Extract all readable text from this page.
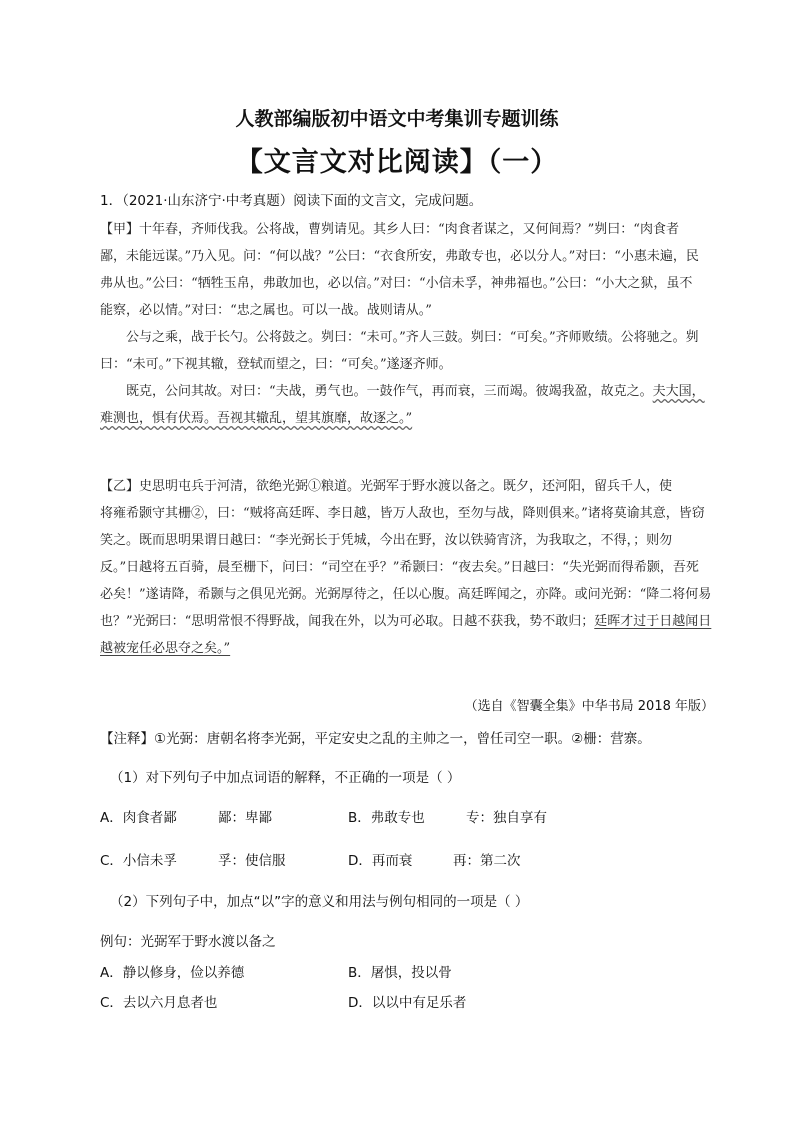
人教部编版初中语文中考集训专题训练
【文言文对比阅读】（一）
1．（2021·山东济宁·中考真题）阅读下面的文言文，完成问题。
【甲】十年春，齐师伐我。公将战，曹刿请见。其乡人曰：“肉食者谋之，又何间焉？”刿曰：“肉食者
鄙，未能远谋。”乃入见。问：“何以战？”公曰：“衣食所安，弗敢专也，必以分人。”对曰：“小惠未遍，民
弗从也。”公曰：“牺牲玉帛，弗敢加也，必以信。”对曰：“小信未孚，神弗福也。”公曰：“小大之狱，虽不
能察，必以情。”对曰：“忠之属也。可以一战。战则请从。”
公与之乘，战于长勺。公将鼓之。刿曰：“未可。”齐人三鼓。刿曰：“可矣。”齐师败绩。公将驰之。刿
曰：“未可。”下视其辙，登轼而望之，曰：“可矣。”遂逐齐师。
既克，公问其故。对曰：“夫战，勇气也。一鼓作气，再而衰，三而竭。彼竭我盈，故克之。夫大国，
难测也，惧有伏焉。吾视其辙乱，望其旗靡，故逐之。”
【乙】史思明屯兵于河清，欲绝光弼①粮道。光弼军于野水渡以备之。既夕，还河阳，留兵千人，使
将雍希颢守其栅②，曰：“贼将高廷晖、李日越，皆万人敌也，至勿与战，降则俱来。”诸将莫谕其意，皆窃
笑之。既而思明果谓日越曰：“李光弼长于凭城，今出在野，汝以铁骑宵济，为我取之，不得，；则勿
反。”日越将五百骑，晨至栅下，问曰：“司空在乎？”希颢曰：“夜去矣。”日越曰：“失光弼而得希颢，吾死
必矣！”遂请降，希颢与之俱见光弼。光弼厚待之，任以心腹。高廷晖闻之，亦降。或问光弼：“降二将何易
也？”光弼曰：“思明常恨不得野战，闻我在外，以为可必取。日越不获我，势不敢归；廷晖才过于日越闻日
越被宠任必思夺之矣。”
（选自《智囊全集》中华书局 2018 年版）
【注释】①光弼：唐朝名将李光弼，平定安史之乱的主帅之一，曾任司空一职。②栅：营寨。
（1）对下列句子中加点词语的解释，不正确的一项是（ ）
A．肉食者鄙	鄙：卑鄙	B．弗敢专也	专：独自享有
C．小信未孚	孚：使信服	D．再而衰	再：第二次
（2）下列句子中，加点“以”字的意义和用法与例句相同的一项是（ ）
例句：光弼军于野水渡以备之
A．静以修身，俭以养德	B．屠惧，投以骨
C．去以六月息者也	D．以以中有足乐者
